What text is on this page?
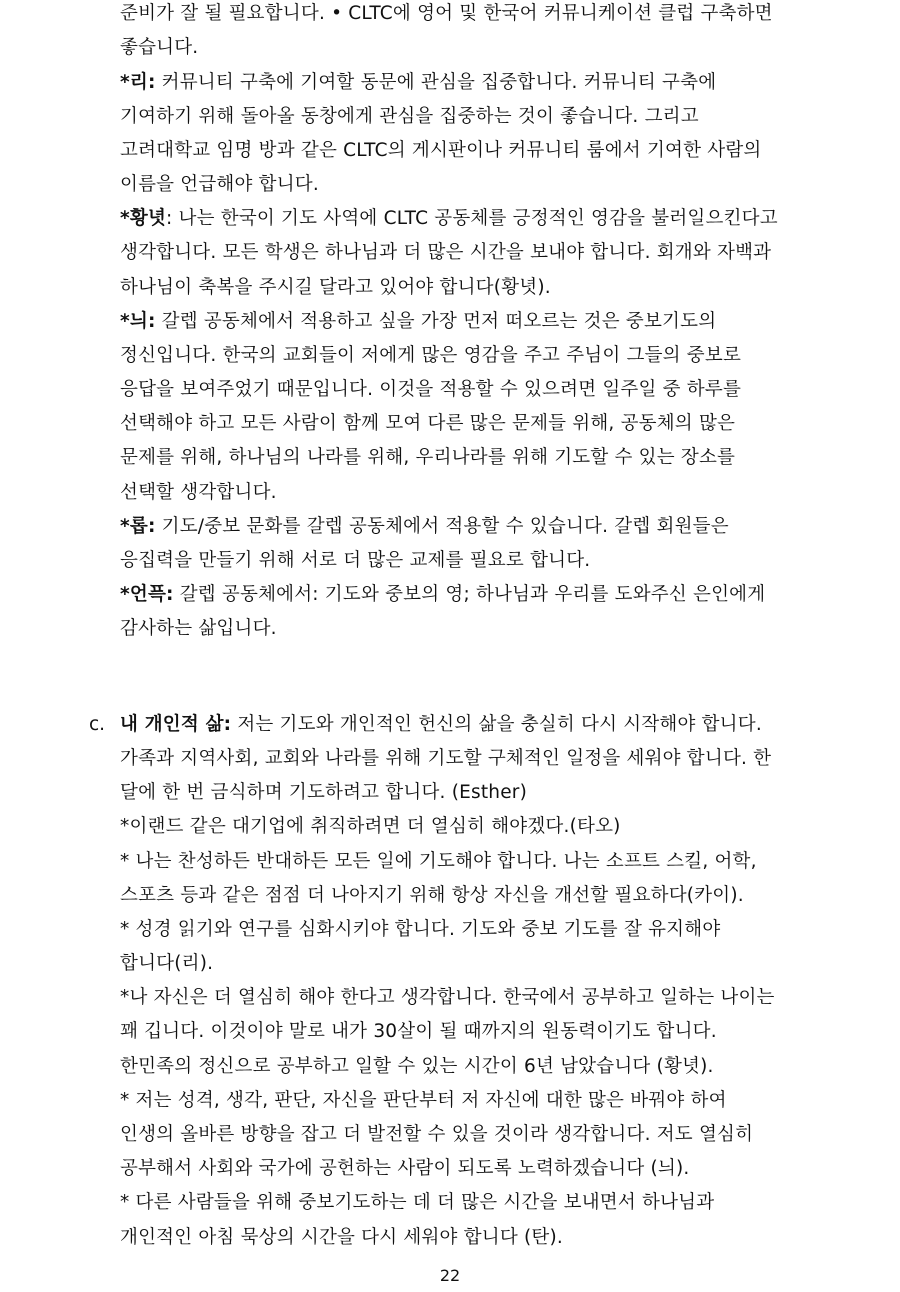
준비가 잘 될 필요합니다. • CLTC에 영어 및 한국어 커뮤니케이션 클럽 구축하면
좋습니다.
*리: 커뮤니티 구축에 기여할 동문에 관심을 집중합니다. 커뮤니티 구축에
기여하기 위해 돌아올 동창에게 관심을 집중하는 것이 좋습니다. 그리고
고려대학교 임명 방과 같은 CLTC의 게시판이나 커뮤니티 룸에서 기여한 사람의
이름을 언급해야 합니다.
*황녓: 나는 한국이 기도 사역에 CLTC 공동체를 긍정적인 영감을 불러일으킨다고
생각합니다. 모든 학생은 하나님과 더 많은 시간을 보내야 합니다. 회개와 자백과
하나님이 축복을 주시길 달라고 있어야 합니다(황녓).
*늬: 갈렙 공동체에서 적용하고 싶을 가장 먼저 떠오르는 것은 중보기도의
정신입니다. 한국의 교회들이 저에게 많은 영감을 주고 주님이 그들의 중보로
응답을 보여주었기 때문입니다. 이것을 적용할 수 있으려면 일주일 중 하루를
선택해야 하고 모든 사람이 함께 모여 다른 많은 문제들 위해, 공동체의 많은
문제를 위해, 하나님의 나라를 위해, 우리나라를 위해 기도할 수 있는 장소를
선택할 생각합니다.
*롭: 기도/중보 문화를 갈렙 공동체에서 적용할 수 있습니다. 갈렙 회원들은
응집력을 만들기 위해 서로 더 많은 교제를 필요로 합니다.
*언픅: 갈렙 공동체에서: 기도와 중보의 영; 하나님과 우리를 도와주신 은인에게
감사하는 삶입니다.
c. 내 개인적 삶: 저는 기도와 개인적인 헌신의 삶을 충실히 다시 시작해야 합니다.
가족과 지역사회, 교회와 나라를 위해 기도할 구체적인 일정을 세워야 합니다. 한
달에 한 번 금식하며 기도하려고 합니다. (Esther)
*이랜드 같은 대기업에 취직하려면 더 열심히 해야겠다.(타오)
* 나는 찬성하든 반대하든 모든 일에 기도해야 합니다. 나는 소프트 스킬, 어학,
스포츠 등과 같은 점점 더 나아지기 위해 항상 자신을 개선할 필요하다(카이).
* 성경 읽기와 연구를 심화시키야 합니다. 기도와 중보 기도를 잘 유지해야
합니다(리).
*나 자신은 더 열심히 해야 한다고 생각합니다. 한국에서 공부하고 일하는 나이는
꽤 깁니다. 이것이야 말로 내가 30살이 될 때까지의 원동력이기도 합니다.
한민족의 정신으로 공부하고 일할 수 있는 시간이 6년 남았습니다 (황녓).
* 저는 성격, 생각, 판단, 자신을 판단부터 저 자신에 대한 많은 바꿔야 하여
인생의 올바른 방향을 잡고 더 발전할 수 있을 것이라 생각합니다. 저도 열심히
공부해서 사회와 국가에 공헌하는 사람이 되도록 노력하겠습니다 (늬).
* 다른 사람들을 위해 중보기도하는 데 더 많은 시간을 보내면서 하나님과
개인적인 아침 묵상의 시간을 다시 세워야 합니다 (탄).
22
